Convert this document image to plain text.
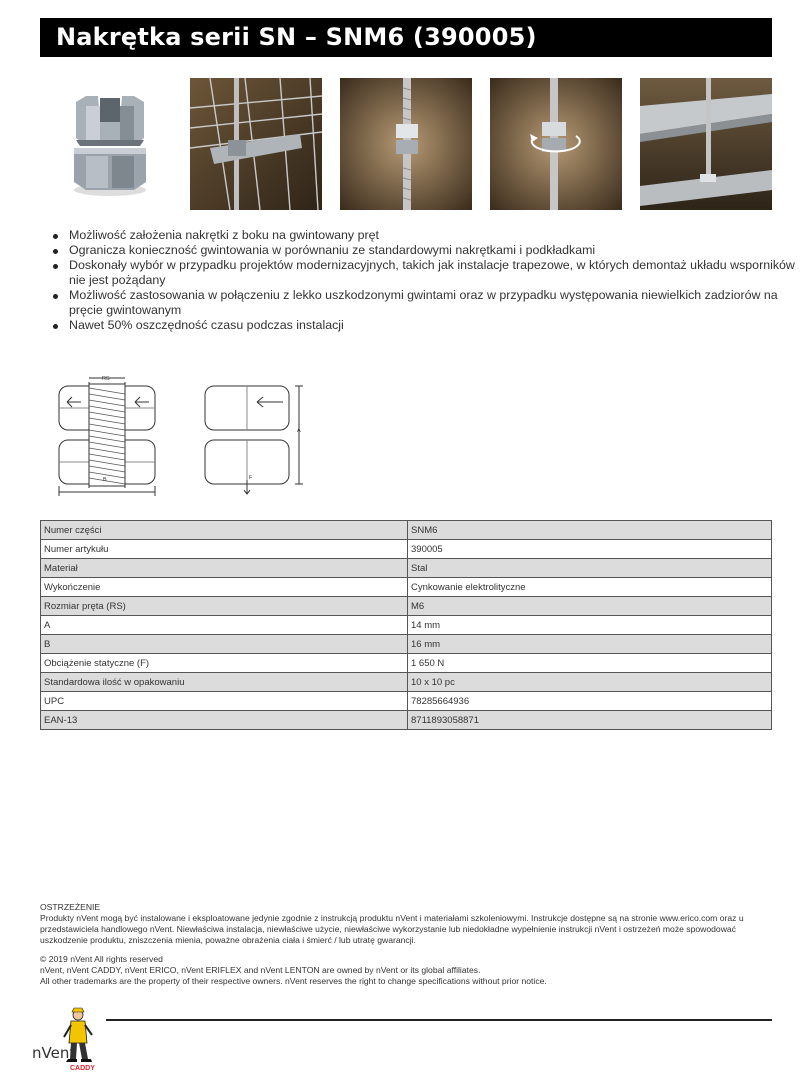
Nakrętka serii SN – SNM6 (390005)
Możliwość założenia nakrętki z boku na gwintowany pręt
Ogranicza konieczność gwintowania w porównaniu ze standardowymi nakrętkami i podkładkami
Doskonały wybór w przypadku projektów modernizacyjnych, takich jak instalacje trapezowe, w których demontaż układu wsporników nie jest pożądany
Możliwość zastosowania w połączeniu z lekko uszkodzonymi gwintami oraz w przypadku występowania niewielkich zadziorów na pręcie gwintowanym
Nawet 50% oszczędność czasu podczas instalacji
RS
B
A
F
Numer części	SNM6
Numer artykułu	390005
Materiał	Stal
Wykończenie	Cynkowanie elektrolityczne
Rozmiar pręta (RS)	M6
A	14 mm
B	16 mm
Obciążenie statyczne (F)	1 650 N
Standardowa ilość w opakowaniu	10 x 10 pc
UPC	78285664936
EAN-13	8711893058871

OSTRZEŻENIE

Produkty nVent mogą być instalowane i eksploatowane jedynie zgodnie z instrukcją produktu nVent i materiałami szkoleniowymi. Instrukcje dostępne są na stronie www.erico.com oraz u przedstawiciela handlowego nVent. Niewłaściwa instalacja, niewłaściwe użycie, niewłaściwe wykorzystanie lub niedokładne wypełnienie instrukcji nVent i ostrzeżeń może spowodować uszkodzenie produktu, zniszczenia mienia, poważne obrażenia ciała i śmierć / lub utratę gwarancji.

© 2019 nVent All rights reserved

nVent, nVent CADDY, nVent ERICO, nVent ERIFLEX and nVent LENTON are owned by nVent or its global affiliates.

All other trademarks are the property of their respective owners. nVent reserves the right to change specifications without prior notice.

nVent
CADDY
